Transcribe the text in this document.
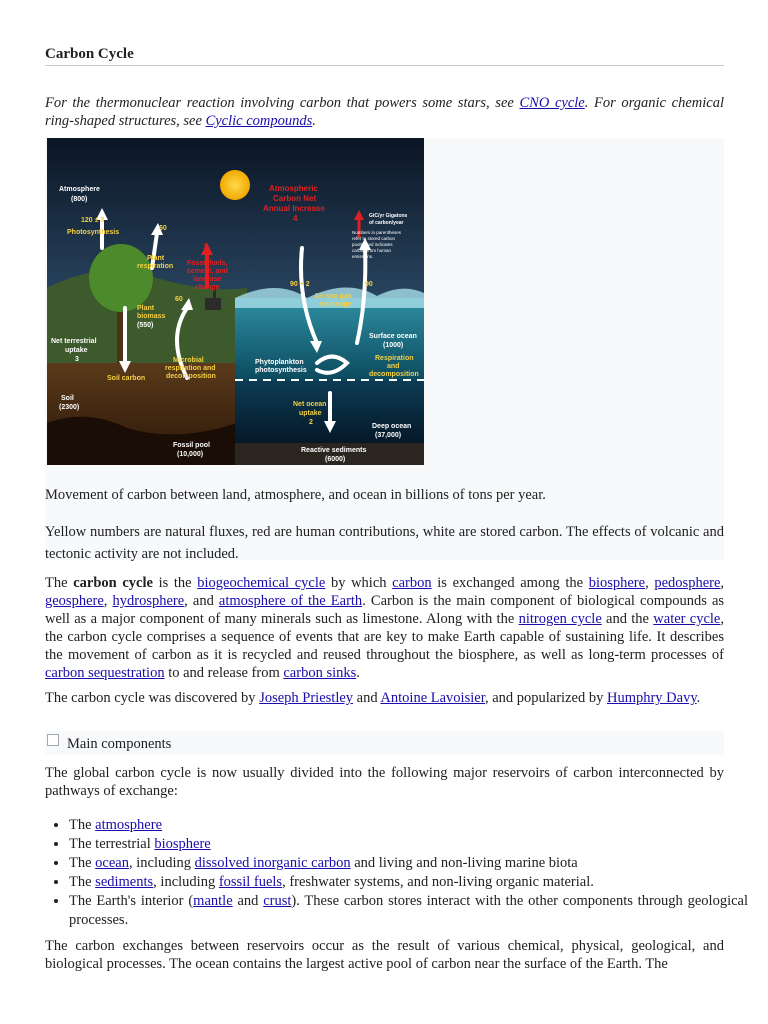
Carbon Cycle
For the thermonuclear reaction involving carbon that powers some stars, see CNO cycle. For organic chemical ring-shaped structures, see Cyclic compounds.
Atmosphere
(800)
120 ± 3
Photosynthesis
60
Plant
respiration
9
Fossil fuels,
cement, and
land use
change
Atmospheric
Carbon Net
Annual Increase
4	GtC/yr Gigatons
of carbon/year
Numbers in parentheses
refer to stored carbon
pools. Red indicates
carbon from human
emissions.
90 + 2	90
Air-sea gas
exchange
Plant
biomass
(550)
60
Net terrestrial
uptake
3
Soil carbon
Microbial
respiration and
decomposition
Phytoplankton
photosynthesis
Surface ocean
(1000)
Respiration
and
decomposition
Net ocean
uptake
2
Soil
(2300)
Deep ocean
(37,000)
Fossil pool
(10,000)
Reactive sediments
(6000)
Movement of carbon between land, atmosphere, and ocean in billions of tons per year.
Yellow numbers are natural fluxes, red are human contributions, white are stored carbon. The effects of volcanic and tectonic activity are not included.
The carbon cycle is the biogeochemical cycle by which carbon is exchanged among the biosphere, pedosphere, geosphere, hydrosphere, and atmosphere of the Earth. Carbon is the main component of biological compounds as well as a major component of many minerals such as limestone. Along with the nitrogen cycle and the water cycle, the carbon cycle comprises a sequence of events that are key to make Earth capable of sustaining life. It describes the movement of carbon as it is recycled and reused throughout the biosphere, as well as long-term processes of carbon sequestration to and release from carbon sinks.
The carbon cycle was discovered by Joseph Priestley and Antoine Lavoisier, and popularized by Humphry Davy.
Main components
The global carbon cycle is now usually divided into the following major reservoirs of carbon interconnected by pathways of exchange:
• The atmosphere
• The terrestrial biosphere
• The ocean, including dissolved inorganic carbon and living and non-living marine biota
• The sediments, including fossil fuels, freshwater systems, and non-living organic material.
• The Earth's interior (mantle and crust). These carbon stores interact with the other components through geological processes.
The carbon exchanges between reservoirs occur as the result of various chemical, physical, geological, and biological processes. The ocean contains the largest active pool of carbon near the surface of the Earth. The
